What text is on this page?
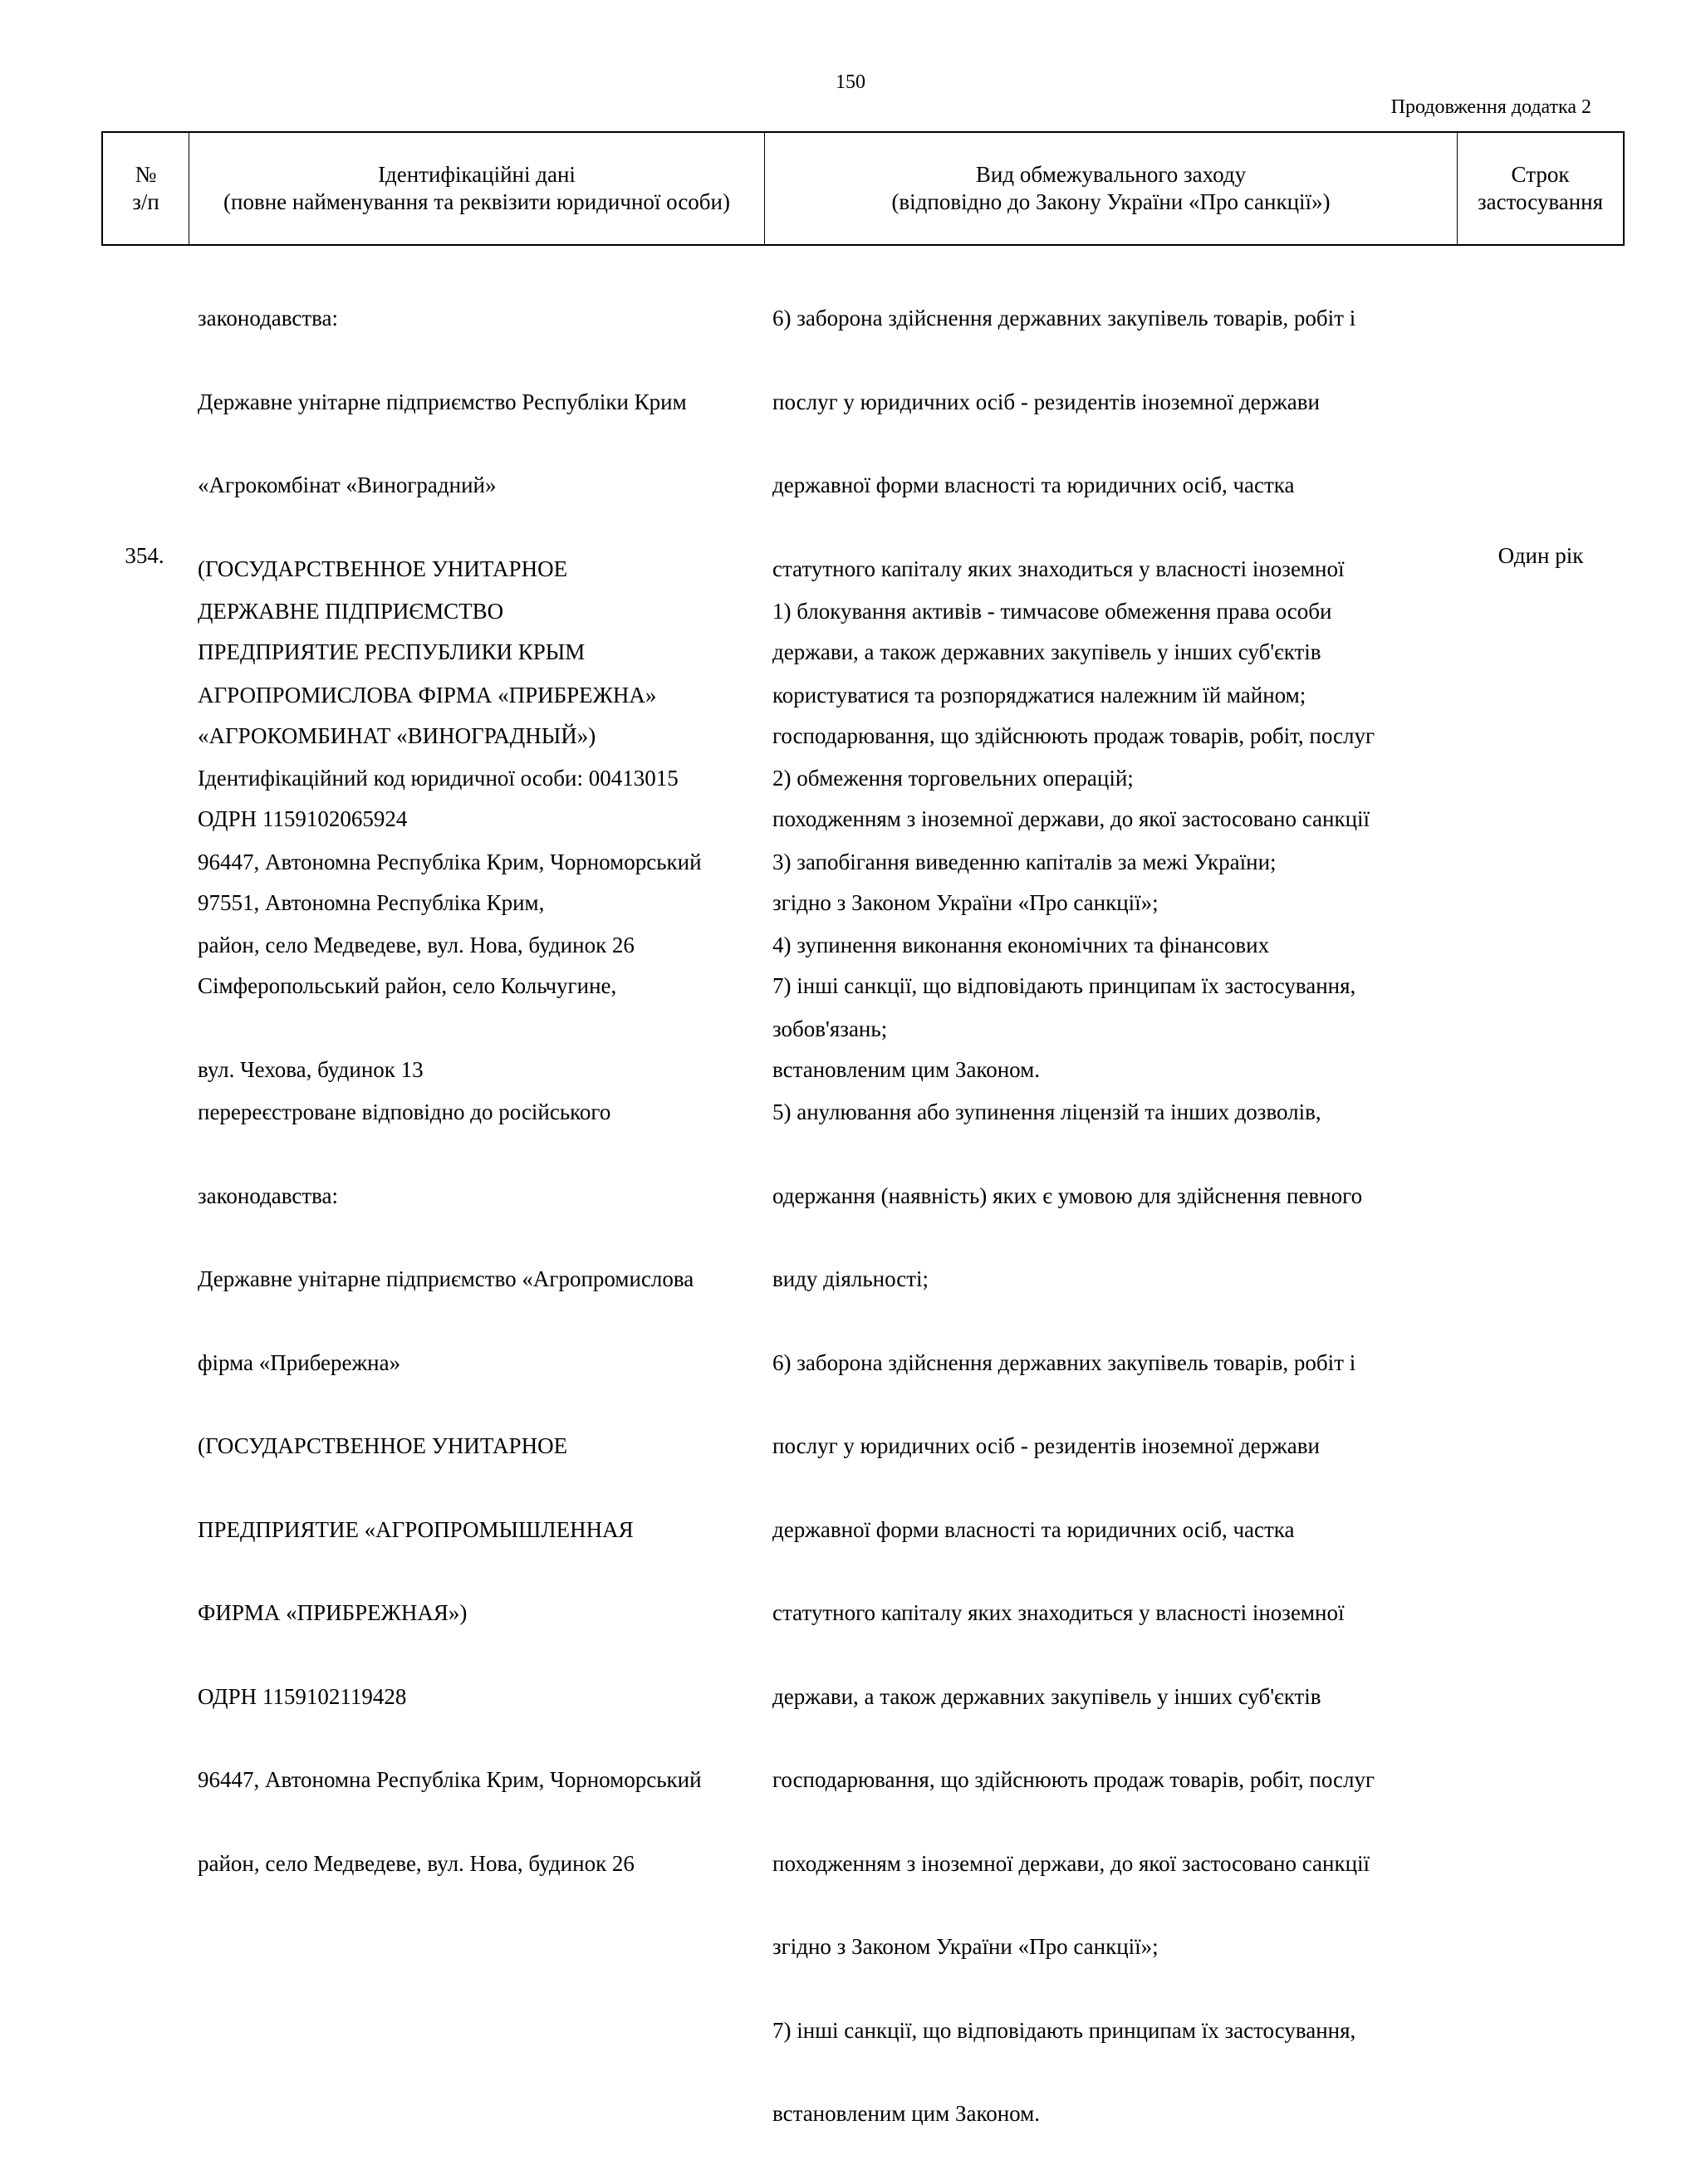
150
Продовження додатка 2
№
з/п
Ідентифікаційні дані
(повне найменування та реквізити юридичної особи)
Вид обмежувального заходу
(відповідно до Закону України «Про санкції»)
Строк
застосування

законодавства:

Державне унітарне підприємство Республіки Крим

«Агрокомбінат «Виноградний»

(ГОСУДАРСТВЕННОЕ УНИТАРНОЕ

ПРЕДПРИЯТИЕ РЕСПУБЛИКИ КРЫМ

«АГРОКОМБИНАТ «ВИНОГРАДНЫЙ»)

ОДРН 1159102065924

97551, Автономна Республіка Крим,

Сімферопольський район, село Кольчугине,

вул. Чехова, будинок 13

6) заборона здійснення державних закупівель товарів, робіт і

послуг у юридичних осіб - резидентів іноземної держави

державної форми власності та юридичних осіб, частка

статутного капіталу яких знаходиться у власності іноземної

держави, а також державних закупівель у інших суб'єктів

господарювання, що здійснюють продаж товарів, робіт, послуг

походженням з іноземної держави, до якої застосовано санкції

згідно з Законом України «Про санкції»;

7) інші санкції, що відповідають принципам їх застосування,

встановленим цим Законом.

354.

ДЕРЖАВНЕ ПІДПРИЄМСТВО

АГРОПРОМИСЛОВА ФІРМА «ПРИБРЕЖНА»

Ідентифікаційний код юридичної особи: 00413015

96447, Автономна Республіка Крим, Чорноморський

район, село Медведеве, вул. Нова, будинок 26

перереєстроване відповідно до російського

законодавства:

Державне унітарне підприємство «Агропромислова

фірма «Прибережна»

(ГОСУДАРСТВЕННОЕ УНИТАРНОЕ

ПРЕДПРИЯТИЕ «АГРОПРОМЫШЛЕННАЯ

ФИРМА «ПРИБРЕЖНАЯ»)

ОДРН 1159102119428

96447, Автономна Республіка Крим, Чорноморський

район, село Медведеве, вул. Нова, будинок 26

1) блокування активів - тимчасове обмеження права особи

користуватися та розпоряджатися належним їй майном;

2) обмеження торговельних операцій;

3) запобігання виведенню капіталів за межі України;

4) зупинення виконання економічних та фінансових

зобов'язань;

5) анулювання або зупинення ліцензій та інших дозволів,

одержання (наявність) яких є умовою для здійснення певного

виду діяльності;

6) заборона здійснення державних закупівель товарів, робіт і

послуг у юридичних осіб - резидентів іноземної держави

державної форми власності та юридичних осіб, частка

статутного капіталу яких знаходиться у власності іноземної

держави, а також державних закупівель у інших суб'єктів

господарювання, що здійснюють продаж товарів, робіт, послуг

походженням з іноземної держави, до якої застосовано санкції

згідно з Законом України «Про санкції»;

7) інші санкції, що відповідають принципам їх застосування,

встановленим цим Законом.

Один рік
